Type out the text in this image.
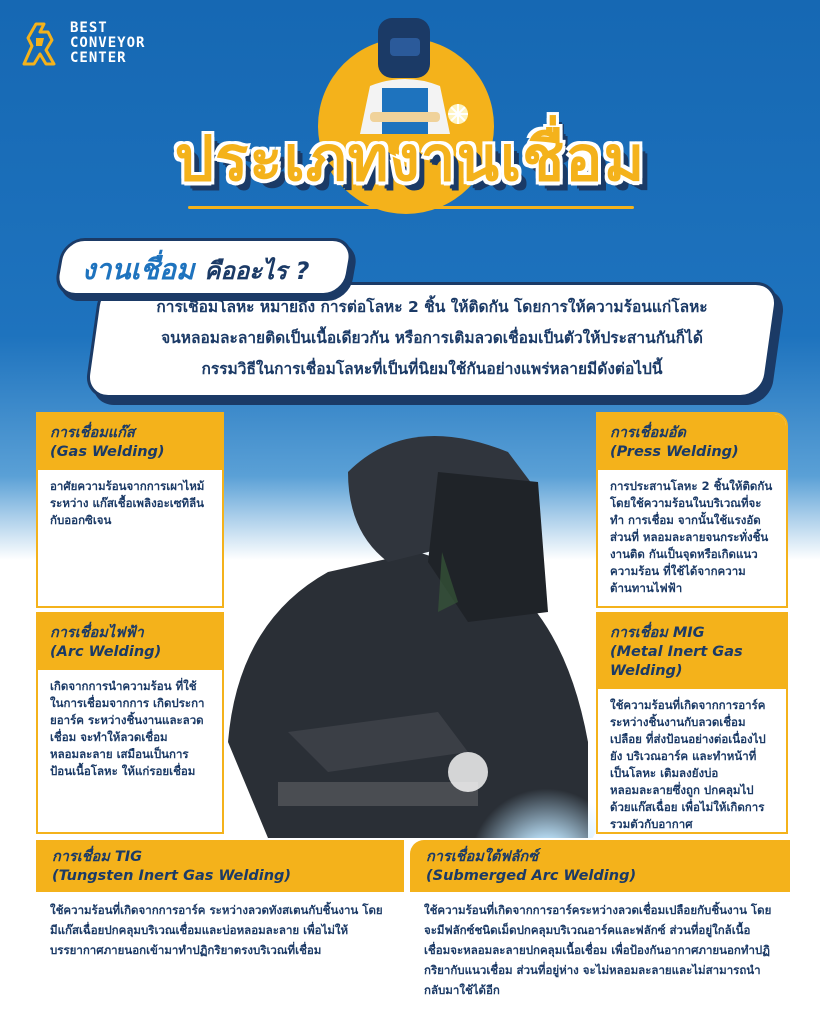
BEST
CONVEYOR
CENTER
ประเภทงานเชื่อม
การเชื่อมโลหะ หมายถึง การต่อโลหะ 2 ชิ้น ให้ติดกัน โดยการให้ความร้อนแก่โลหะ
จนหลอมละลายติดเป็นเนื้อเดียวกัน หรือการเติมลวดเชื่อมเป็นตัวให้ประสานกันก็ได้
กรรมวิธีในการเชื่อมโลหะที่เป็นที่นิยมใช้กันอย่างแพร่หลายมีดังต่อไปนี้
งานเชื่อม คืออะไร ?
การเชื่อมแก๊ส
(Gas Welding)
อาศัยความร้อนจากการเผาไหม้ ระหว่าง แก๊สเชื้อเพลิงอะเซทิลีน กับออกซิเจน
การเชื่อมไฟฟ้า
(Arc Welding)
เกิดจากการนำความร้อน ที่ใช้ในการเชื่อมจากการ เกิดประกายอาร์ค ระหว่างชิ้นงานและลวดเชื่อม จะทำให้ลวดเชื่อมหลอมละลาย เสมือนเป็นการป้อนเนื้อโลหะ ให้แก่รอยเชื่อม
การเชื่อมอัด
(Press Welding)
การประสานโลหะ 2 ชิ้นให้ติดกัน โดยใช้ความร้อนในบริเวณที่จะทำ การเชื่อม จากนั้นใช้แรงอัดส่วนที่ หลอมละลายจนกระทั่งชิ้นงานติด กันเป็นจุดหรือเกิดแนวความร้อน ที่ใช้ได้จากความต้านทานไฟฟ้า
การเชื่อม MIG
(Metal Inert Gas Welding)
ใช้ความร้อนที่เกิดจากการอาร์ค ระหว่างชิ้นงานกับลวดเชื่อมเปลือย ที่ส่งป้อนอย่างต่อเนื่องไปยัง บริเวณอาร์ค และทำหน้าที่เป็นโลหะ เติมลงยังบ่อหลอมละลายซึ่งถูก ปกคลุมไปด้วยแก๊สเฉื่อย เพื่อไม่ให้เกิดการรวมตัวกับอากาศ
การเชื่อม TIG
(Tungsten Inert Gas Welding)
ใช้ความร้อนที่เกิดจากการอาร์ค ระหว่างลวดทังสเตนกับชิ้นงาน โดยมีแก๊สเฉื่อยปกคลุมบริเวณเชื่อมและบ่อหลอมละลาย เพื่อไม่ให้บรรยากาศภายนอกเข้ามาทำปฏิกริยาตรงบริเวณที่เชื่อม
การเชื่อมใต้ฟลักซ์
(Submerged Arc Welding)
ใช้ความร้อนที่เกิดจากการอาร์คระหว่างลวดเชื่อมเปลือยกับชิ้นงาน โดยจะมีฟลักซ์ชนิดเม็ดปกคลุมบริเวณอาร์คและฟลักซ์ ส่วนที่อยู่ใกล้เนื้อเชื่อมจะหลอมละลายปกคลุมเนื้อเชื่อม เพื่อป้องกันอากาศภายนอกทำปฏิกริยากับแนวเชื่อม ส่วนที่อยู่ห่าง จะไม่หลอมละลายและไม่สามารถนำกลับมาใช้ได้อีก
